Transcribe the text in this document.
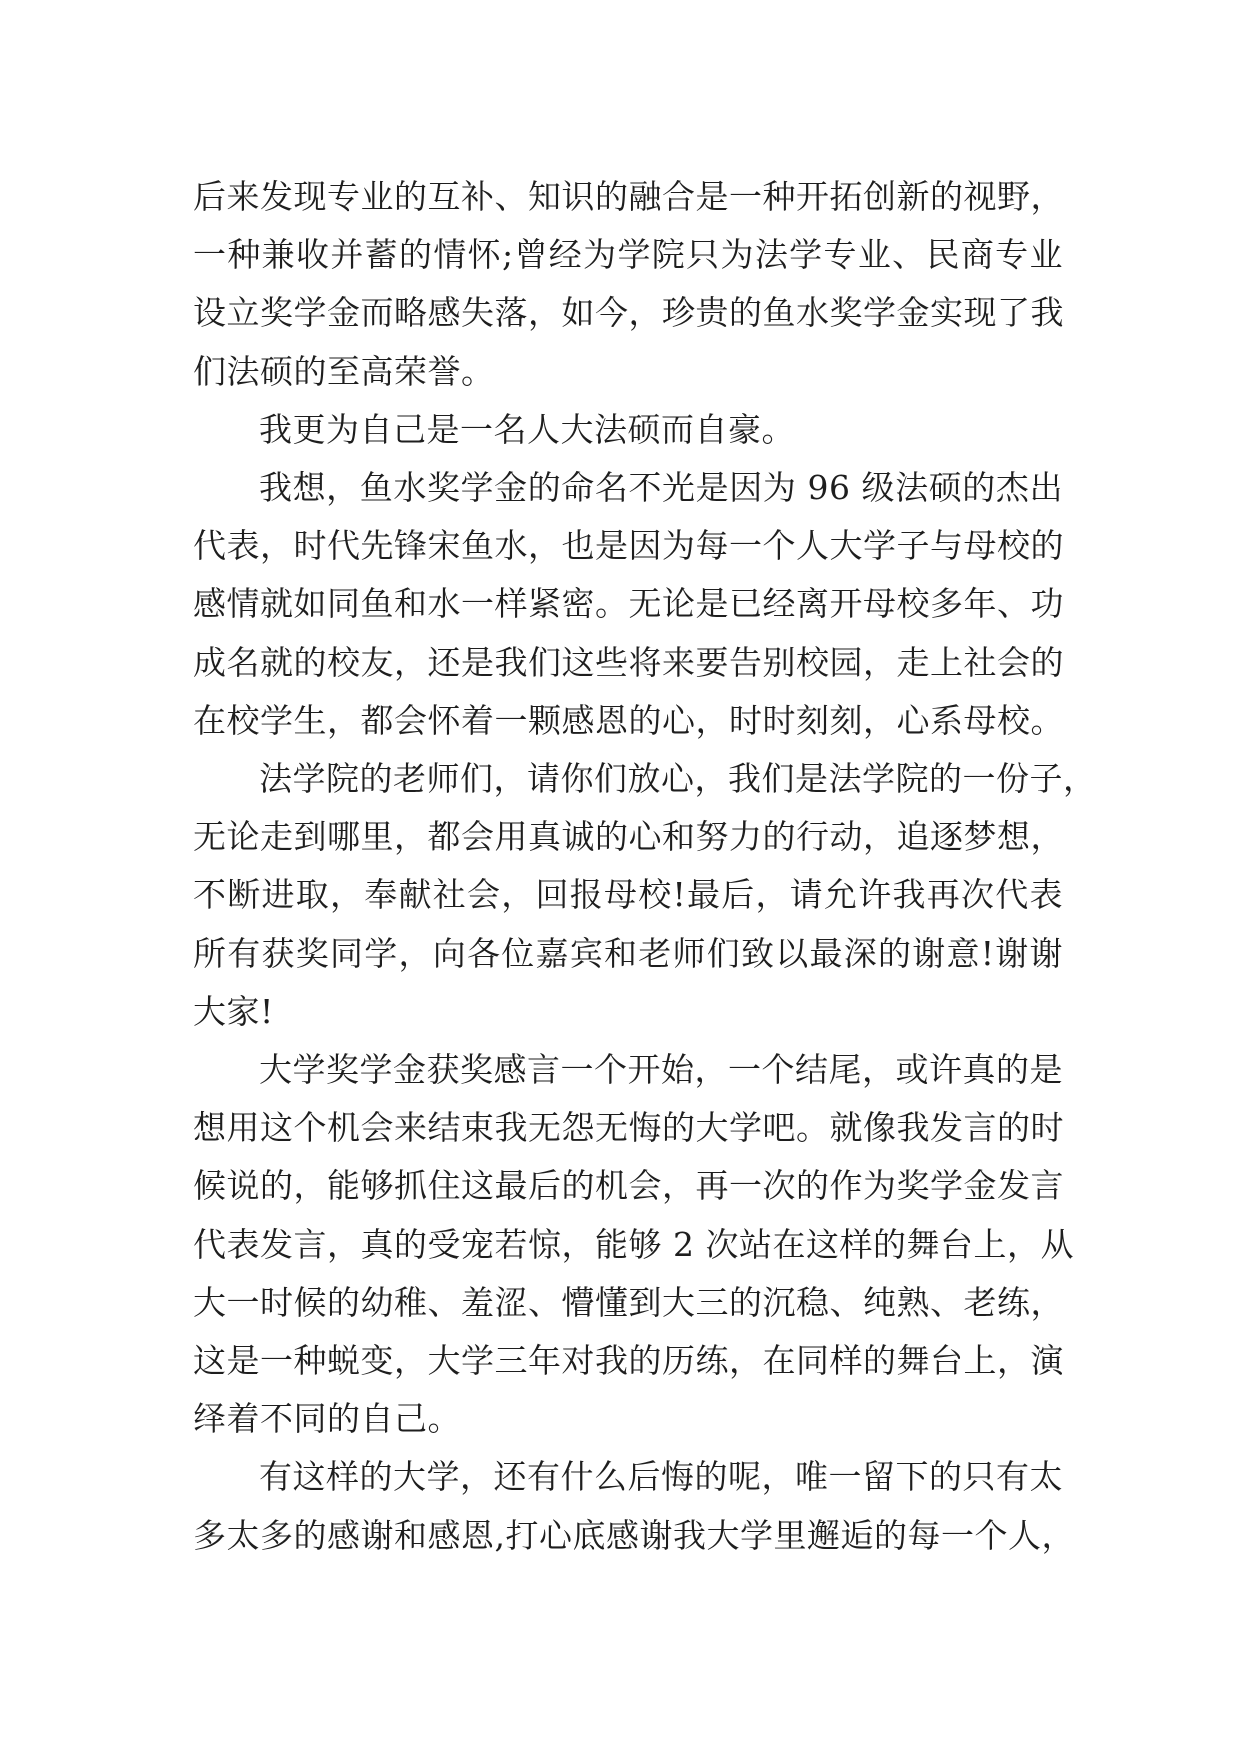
后来发现专业的互补、知识的融合是一种开拓创新的视野，
一种兼收并蓄的情怀;曾经为学院只为法学专业、民商专业
设立奖学金而略感失落，如今，珍贵的鱼水奖学金实现了我
们法硕的至高荣誉。

我更为自己是一名人大法硕而自豪。

我想，鱼水奖学金的命名不光是因为 96 级法硕的杰出
代表，时代先锋宋鱼水，也是因为每一个人大学子与母校的
感情就如同鱼和水一样紧密。无论是已经离开母校多年、功
成名就的校友，还是我们这些将来要告别校园，走上社会的
在校学生，都会怀着一颗感恩的心，时时刻刻，心系母校。

法学院的老师们，请你们放心，我们是法学院的一份子，
无论走到哪里，都会用真诚的心和努力的行动，追逐梦想，
不断进取，奉献社会，回报母校!最后，请允许我再次代表
所有获奖同学，向各位嘉宾和老师们致以最深的谢意!谢谢
大家!

大学奖学金获奖感言一个开始，一个结尾，或许真的是
想用这个机会来结束我无怨无悔的大学吧。就像我发言的时
候说的，能够抓住这最后的机会，再一次的作为奖学金发言
代表发言，真的受宠若惊，能够 2 次站在这样的舞台上，从
大一时候的幼稚、羞涩、懵懂到大三的沉稳、纯熟、老练，
这是一种蜕变，大学三年对我的历练，在同样的舞台上，演
绎着不同的自己。

有这样的大学，还有什么后悔的呢，唯一留下的只有太
多太多的感谢和感恩,打心底感谢我大学里邂逅的每一个人，
